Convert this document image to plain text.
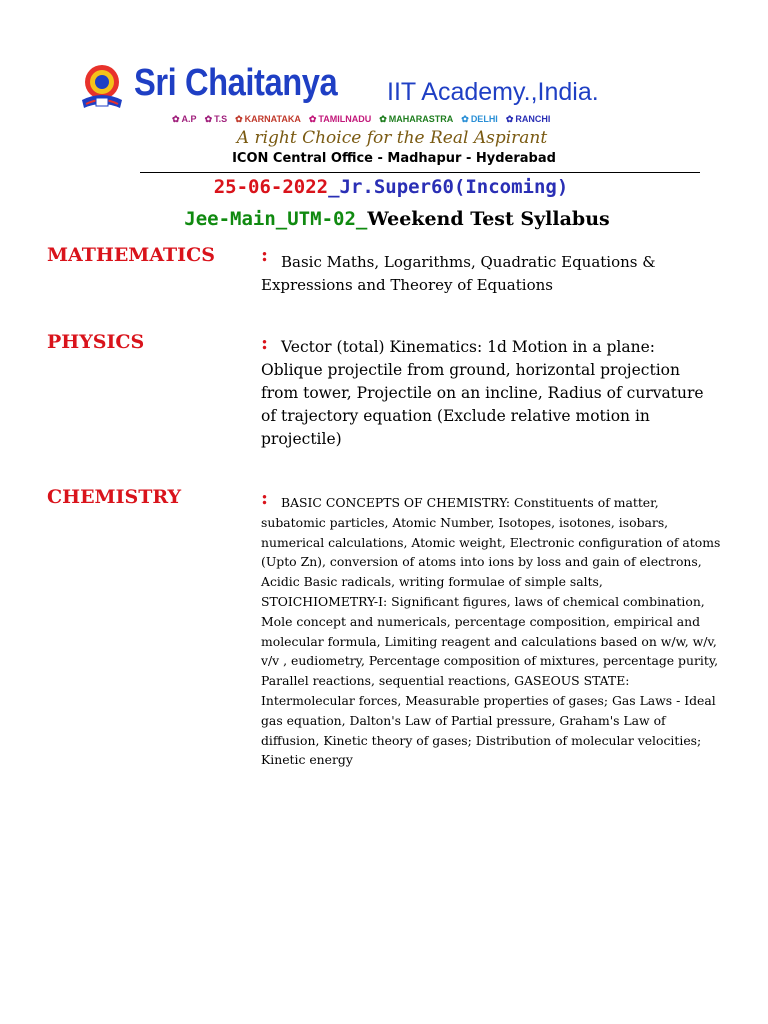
Sri Chaitanya	IIT Academy.,India.
✿ A.P ✿ T.S ✿ KARNATAKA ✿ TAMILNADU ✿ MAHARASTRA ✿ DELHI ✿ RANCHI
A right Choice for the Real Aspirant
ICON Central Office - Madhapur - Hyderabad
25-06-2022_Jr.Super60(Incoming)
Jee-Main_UTM-02_Weekend Test Syllabus
MATHEMATICS : Basic Maths, Logarithms, Quadratic Equations & Expressions and Theorey of Equations
PHYSICS	: Vector (total) Kinematics: 1d Motion in a plane: Oblique projectile from ground, horizontal projection from tower, Projectile on an incline, Radius of curvature of trajectory equation (Exclude relative motion in projectile)
CHEMISTRY	:	BASIC CONCEPTS OF CHEMISTRY: Constituents of matter, subatomic particles, Atomic Number, Isotopes, isotones, isobars, numerical calculations, Atomic weight, Electronic configuration of atoms (Upto Zn), conversion of atoms into ions by loss and gain of electrons, Acidic Basic radicals, writing formulae of simple salts, STOICHIOMETRY-I: Significant figures, laws of chemical combination, Mole concept and numericals, percentage composition, empirical and molecular formula, Limiting reagent and calculations based on w/w, w/v, v/v , eudiometry, Percentage composition of mixtures, percentage purity, Parallel reactions, sequential reactions, GASEOUS STATE: Intermolecular forces, Measurable properties of gases; Gas Laws - Ideal gas equation, Dalton's Law of Partial pressure, Graham's Law of diffusion, Kinetic theory of gases; Distribution of molecular velocities; Kinetic energy
